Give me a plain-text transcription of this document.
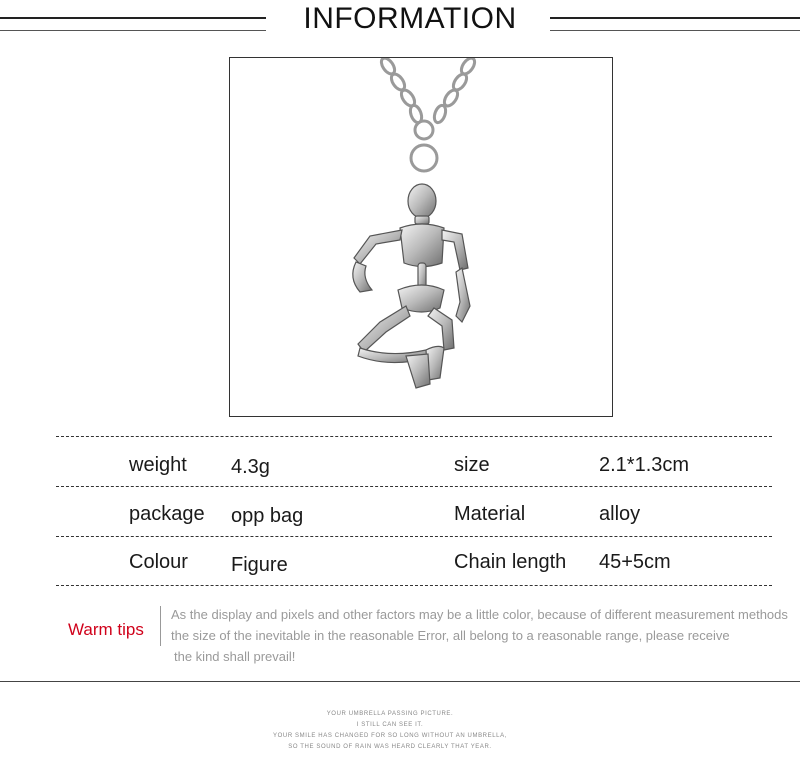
INFORMATION
weight 4.3g	size	2.1*1.3cm
package opp bag	Material	alloy
Colour Figure	Chain length 45+5cm
Warm tips
As the display and pixels and other factors may be a little color, because of different measurement methods
the size of the inevitable in the reasonable Error, all belong to a reasonable range, please receive
the kind shall prevail!
YOUR UMBRELLA PASSING PICTURE.
I STILL CAN SEE IT.
YOUR SMILE HAS CHANGED FOR SO LONG WITHOUT AN UMBRELLA,
SO THE SOUND OF RAIN WAS HEARD CLEARLY THAT YEAR.
